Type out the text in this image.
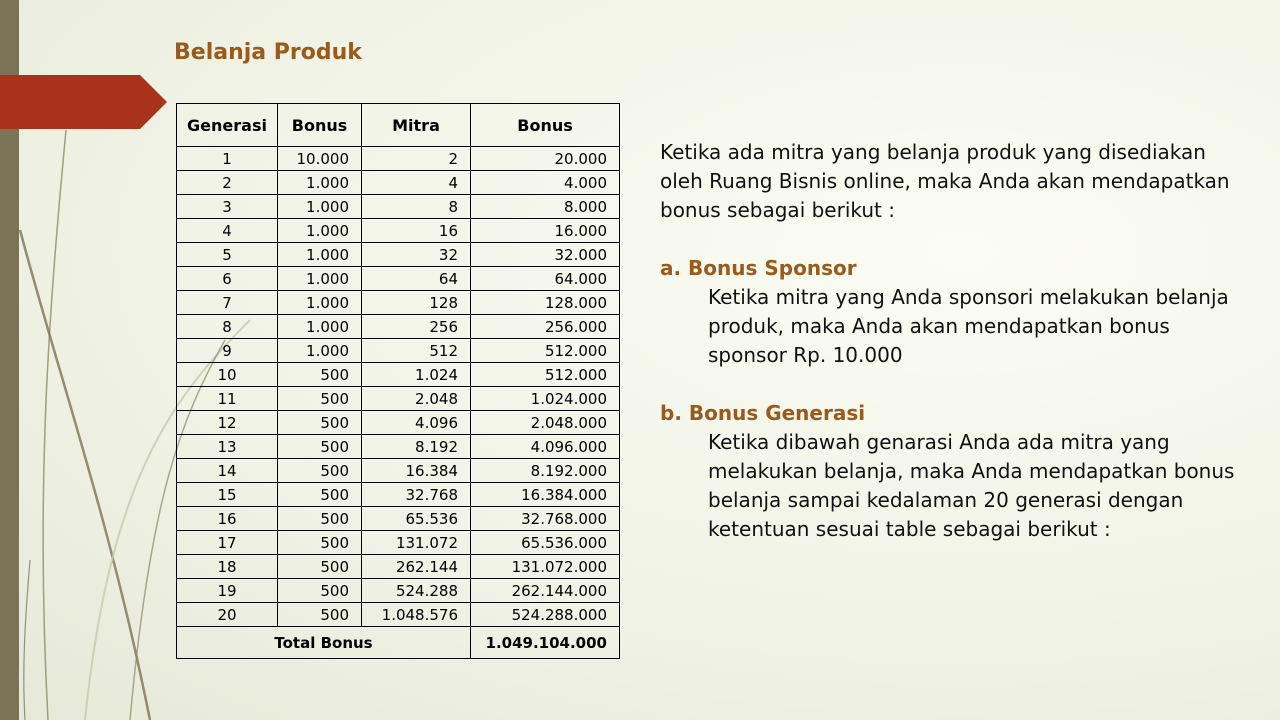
Belanja Produk
Generasi	Bonus	Mitra	Bonus
1	10.000	2	20.000
2	1.000	4	4.000
3	1.000	8	8.000
4	1.000	16	16.000
5	1.000	32	32.000
6	1.000	64	64.000
7	1.000	128	128.000
8	1.000	256	256.000
9	1.000	512	512.000
10	500	1.024	512.000
11	500	2.048	1.024.000
12	500	4.096	2.048.000
13	500	8.192	4.096.000
14	500	16.384	8.192.000
15	500	32.768	16.384.000
16	500	65.536	32.768.000
17	500	131.072	65.536.000
18	500	262.144	131.072.000
19	500	524.288	262.144.000
20	500	1.048.576	524.288.000
Total Bonus			1.049.104.000

Ketika ada mitra yang belanja produk yang disediakan oleh Ruang Bisnis online, maka Anda akan mendapatkan bonus sebagai berikut :

a. Bonus Sponsor

Ketika mitra yang Anda sponsori melakukan belanja produk, maka Anda akan mendapatkan bonus sponsor Rp. 10.000

b. Bonus Generasi

Ketika dibawah genarasi Anda ada mitra yang melakukan belanja, maka Anda mendapatkan bonus belanja sampai kedalaman 20 generasi dengan ketentuan sesuai table sebagai berikut :
